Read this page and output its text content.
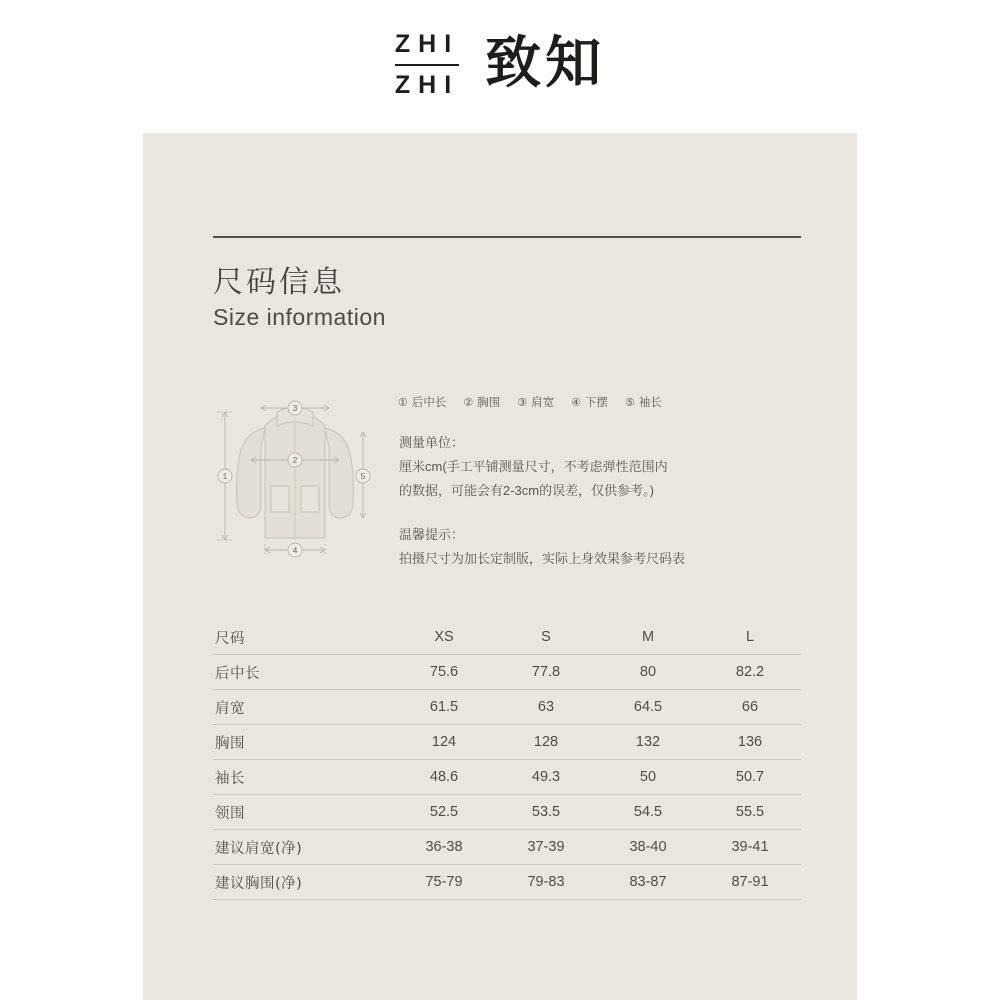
Z H I
Z H I 致知
尺码信息
Size information
① 后中长 ② 胸围 ③ 肩宽 ④ 下摆 ⑤ 袖长
测量单位：
厘米cm(手工平铺测量尺寸，不考虑弹性范围内
的数据，可能会有2-3cm的误差，仅供参考。)
温馨提示：
拍摄尺寸为加长定制版，实际上身效果参考尺码表
3
2
1	5
4
尺码	XS	S	M	L
后中长	75.6	77.8	80	82.2
肩宽	61.5	63	64.5	66
胸围	124	128	132	136
袖长	48.6	49.3	50	50.7
领围	52.5	53.5	54.5	55.5
建议肩宽(净)	36-38	37-39	38-40	39-41
建议胸围(净)	75-79	79-83	83-87	87-91
